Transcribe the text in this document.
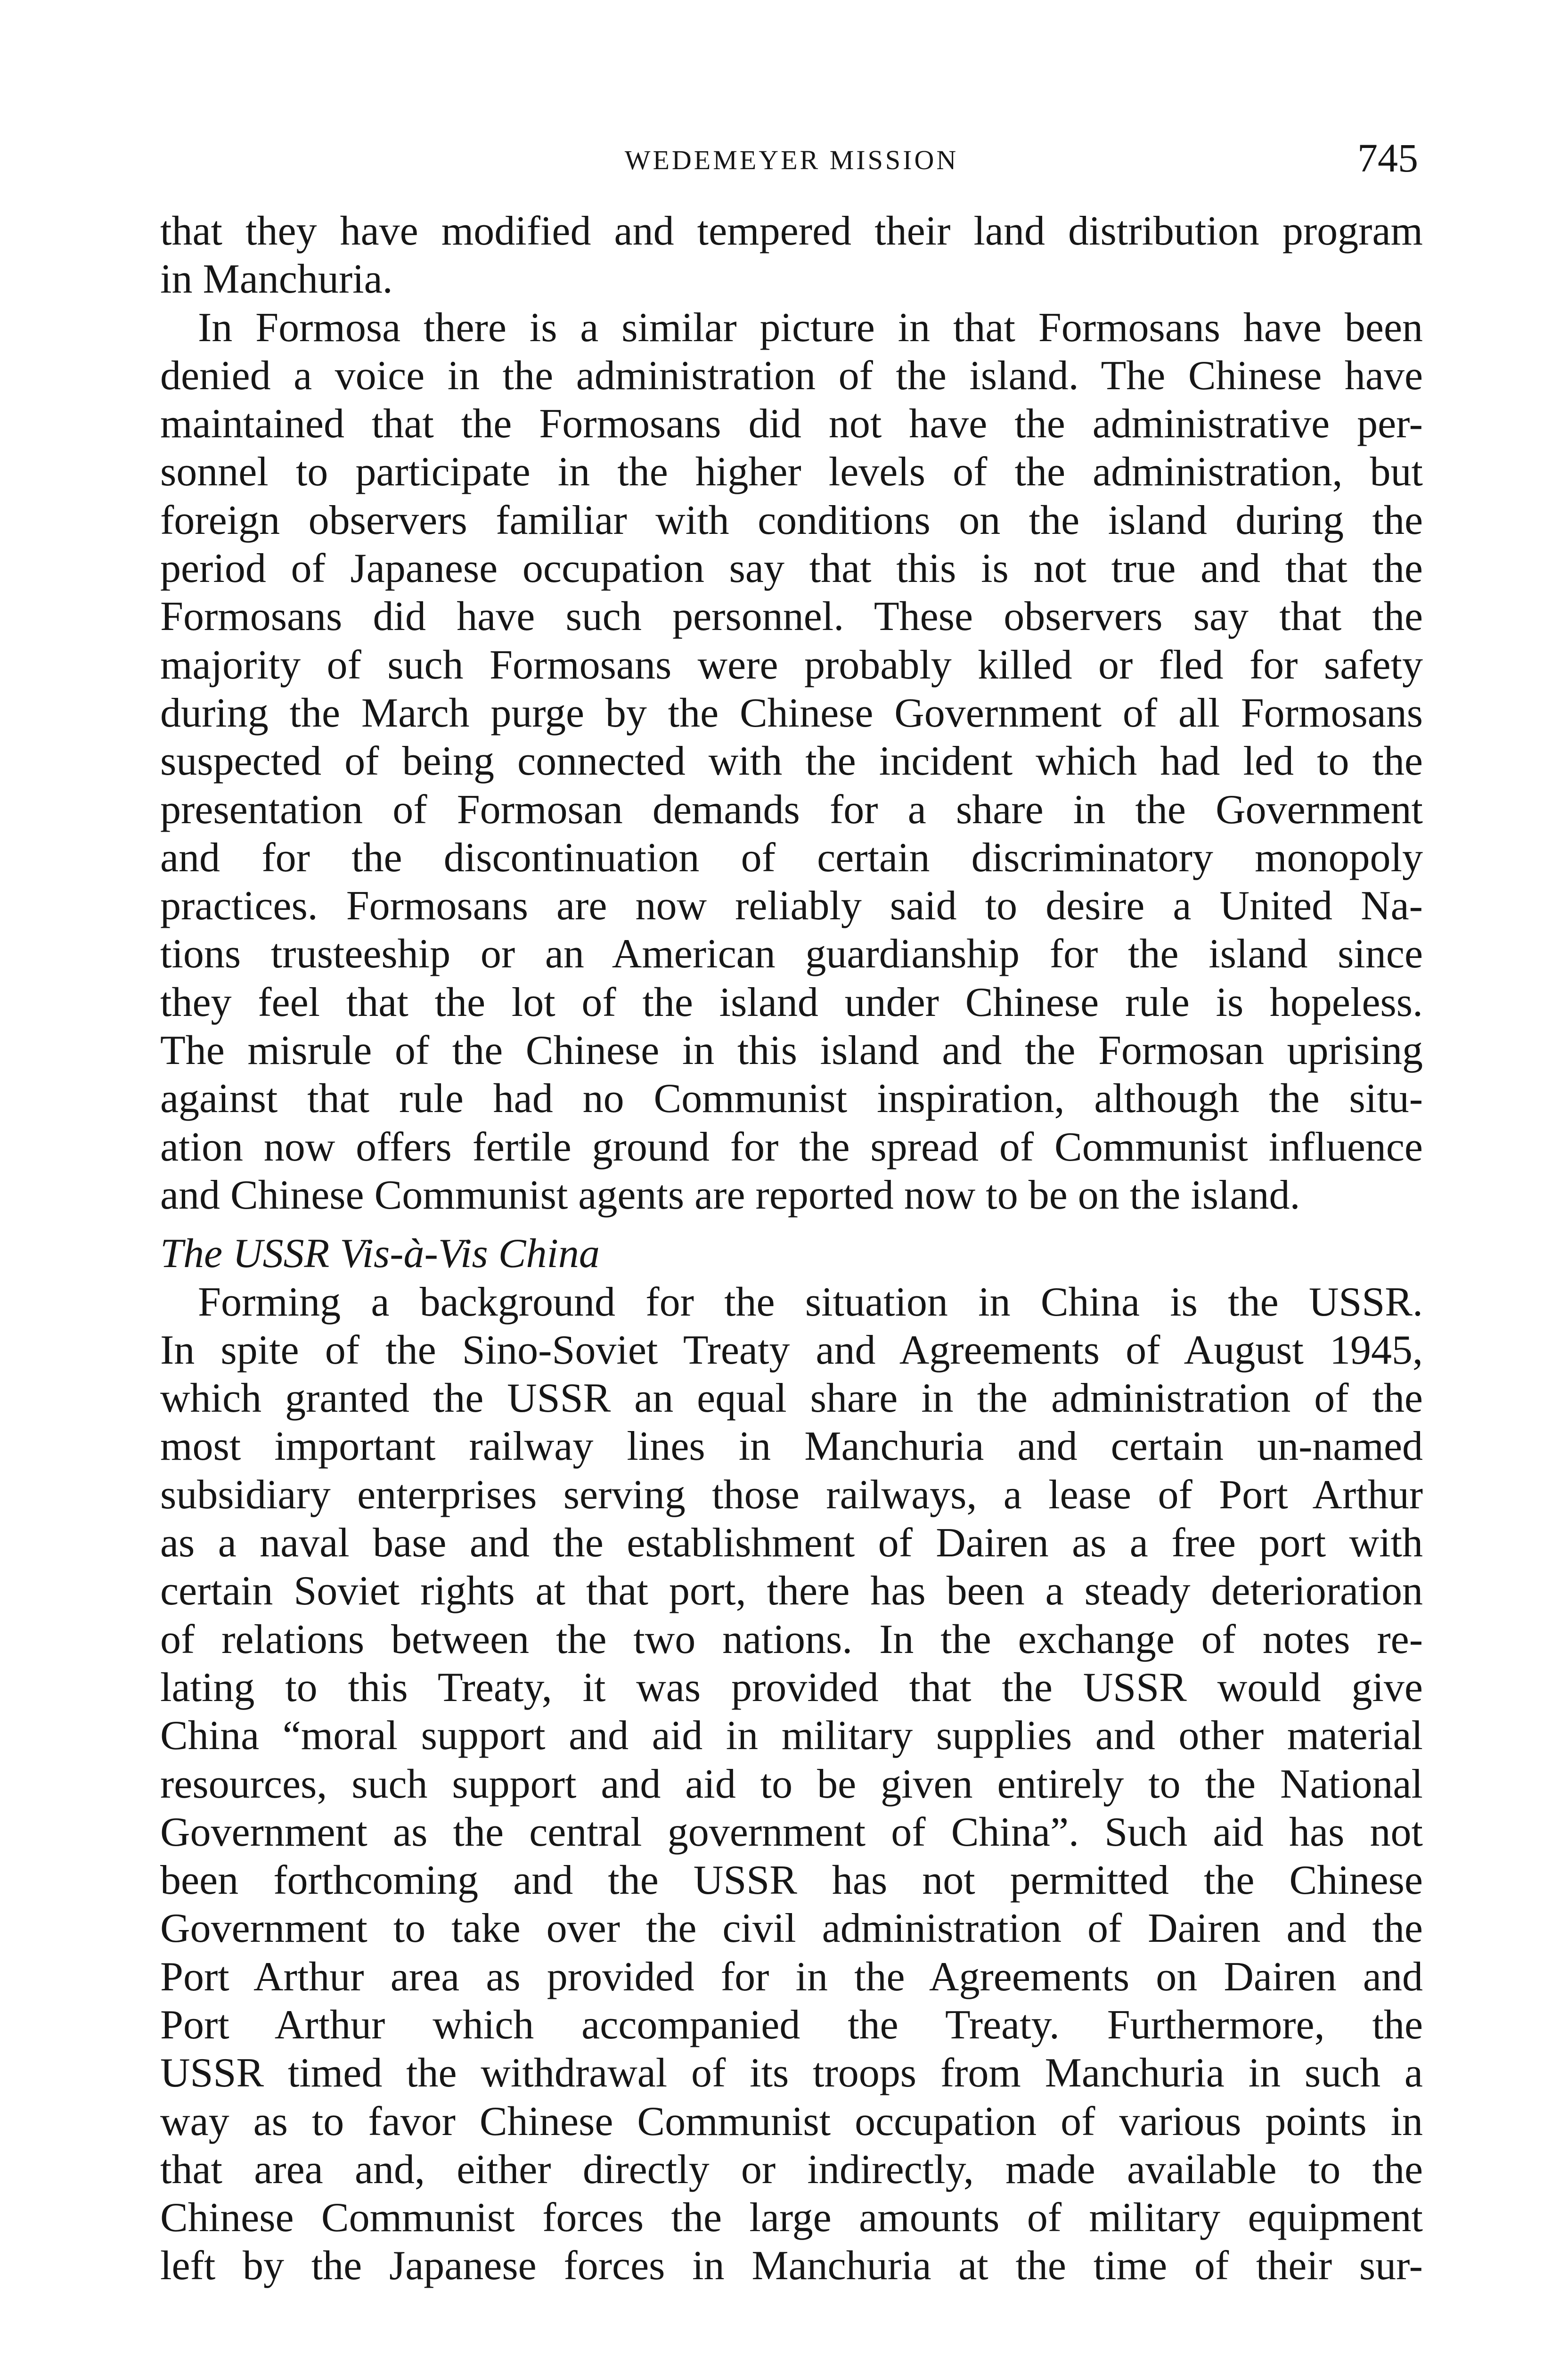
WEDEMEYER MISSION	745
that they have modified and tempered their land distribution program
in Manchuria.
In Formosa there is a similar picture in that Formosans have been
denied a voice in the administration of the island. The Chinese have
maintained that the Formosans did not have the administrative per-
sonnel to participate in the higher levels of the administration, but
foreign observers familiar with conditions on the island during the
period of Japanese occupation say that this is not true and that the
Formosans did have such personnel. These observers say that the
majority of such Formosans were probably killed or fled for safety
during the March purge by the Chinese Government of all Formosans
suspected of being connected with the incident which had led to the
presentation of Formosan demands for a share in the Government
and for the discontinuation of certain discriminatory monopoly
practices. Formosans are now reliably said to desire a United Na-
tions trusteeship or an American guardianship for the island since
they feel that the lot of the island under Chinese rule is hopeless.
The misrule of the Chinese in this island and the Formosan uprising
against that rule had no Communist inspiration, although the situ-
ation now offers fertile ground for the spread of Communist influence
and Chinese Communist agents are reported now to be on the island.
The USSR Vis-à-Vis China
Forming a background for the situation in China is the USSR.
In spite of the Sino-Soviet Treaty and Agreements of August 1945,
which granted the USSR an equal share in the administration of the
most important railway lines in Manchuria and certain un-named
subsidiary enterprises serving those railways, a lease of Port Arthur
as a naval base and the establishment of Dairen as a free port with
certain Soviet rights at that port, there has been a steady deterioration
of relations between the two nations. In the exchange of notes re-
lating to this Treaty, it was provided that the USSR would give
China “moral support and aid in military supplies and other material
resources, such support and aid to be given entirely to the National
Government as the central government of China”. Such aid has not
been forthcoming and the USSR has not permitted the Chinese
Government to take over the civil administration of Dairen and the
Port Arthur area as provided for in the Agreements on Dairen and
Port Arthur which accompanied the Treaty. Furthermore, the
USSR timed the withdrawal of its troops from Manchuria in such a
way as to favor Chinese Communist occupation of various points in
that area and, either directly or indirectly, made available to the
Chinese Communist forces the large amounts of military equipment
left by the Japanese forces in Manchuria at the time of their sur-
